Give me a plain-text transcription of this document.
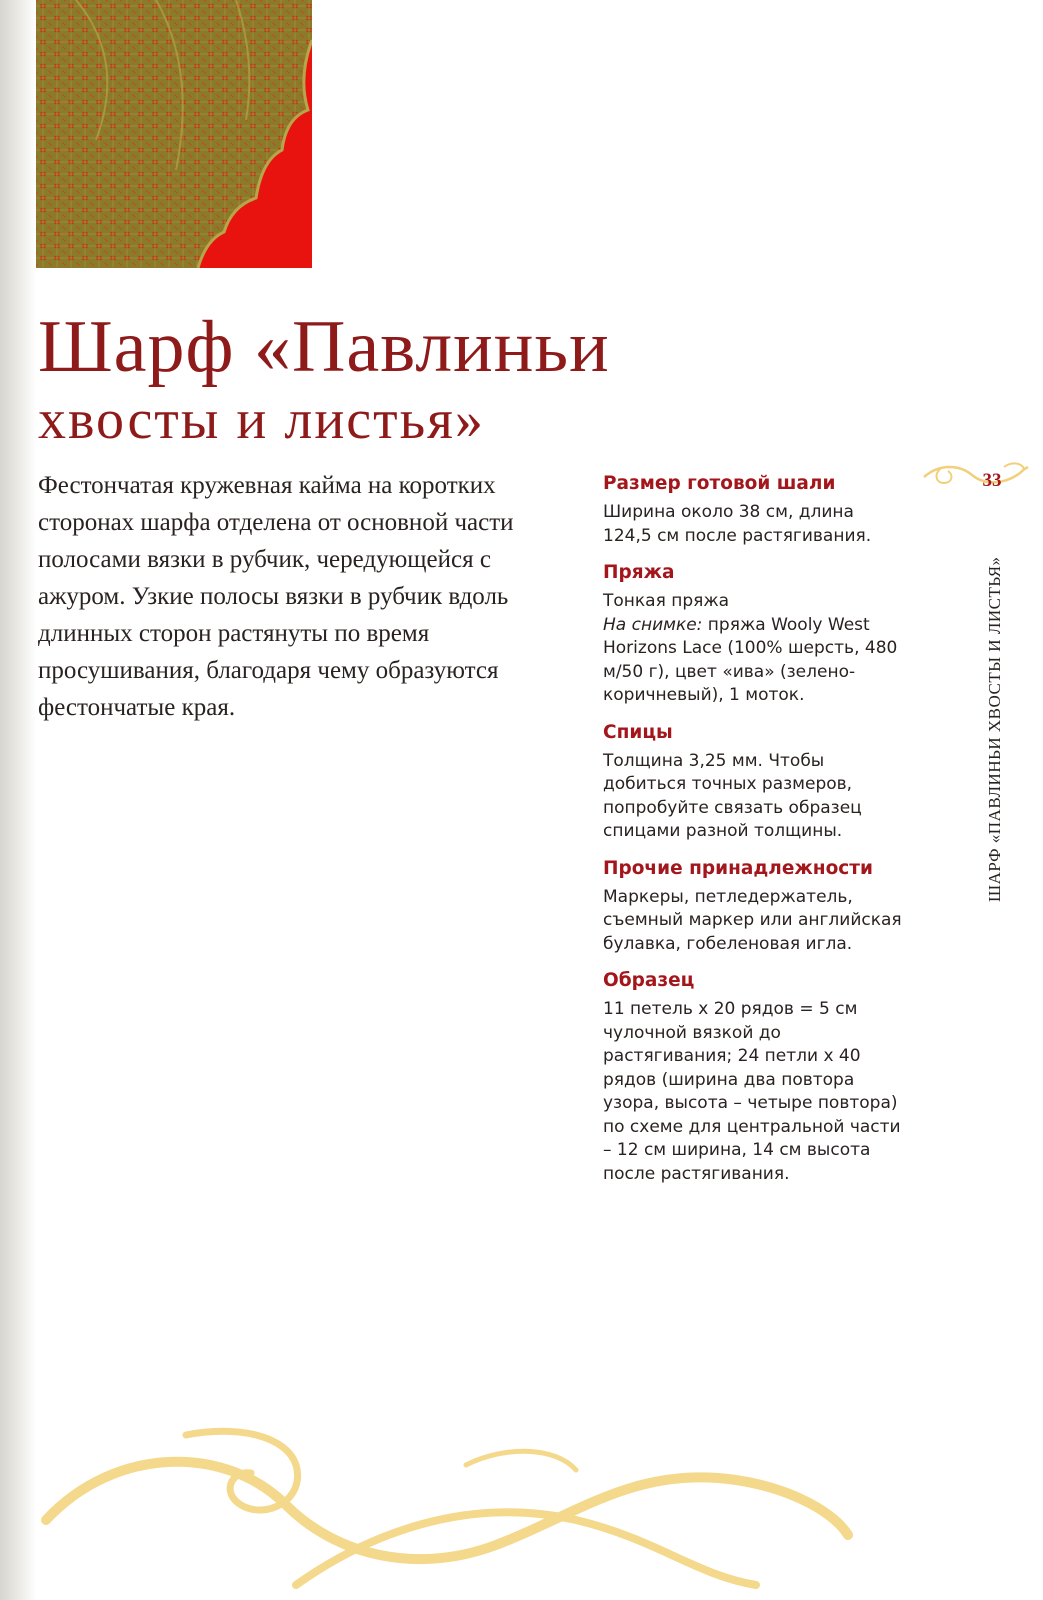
Шарф «Павлиньи
хвосты и листья»

Фестончатая кружевная кайма на коротких сторонах шарфа отделена от основной части полосами вязки в рубчик, чередующейся с ажуром. Узкие полосы вязки в рубчик вдоль длинных сторон растянуты по время просушивания, благодаря чему образуются фестончатые края.

Размер готовой шали

Ширина около 38 см, длина 124,5 см после растягивания.

Пряжа

Тонкая пряжа

На снимке: пряжа Wooly West Horizons Lace (100% шерсть, 480 м/50 г), цвет «ива» (зелено-коричневый), 1 моток.

Спицы

Толщина 3,25 мм. Чтобы добиться точных размеров, попробуйте связать образец спицами разной толщины.

Прочие принадлежности

Маркеры, петледержатель, съемный маркер или английская булавка, гобеленовая игла.

Образец

11 петель х 20 рядов = 5 см чулочной вязкой до растягивания; 24 петли х 40 рядов (ширина два повтора узора, высота – четыре повтора) по схеме для центральной части – 12 см ширина, 14 см высота после растягивания.

33
ШАРФ «ПАВЛИНЬИ ХВОСТЫ И ЛИСТЬЯ»
